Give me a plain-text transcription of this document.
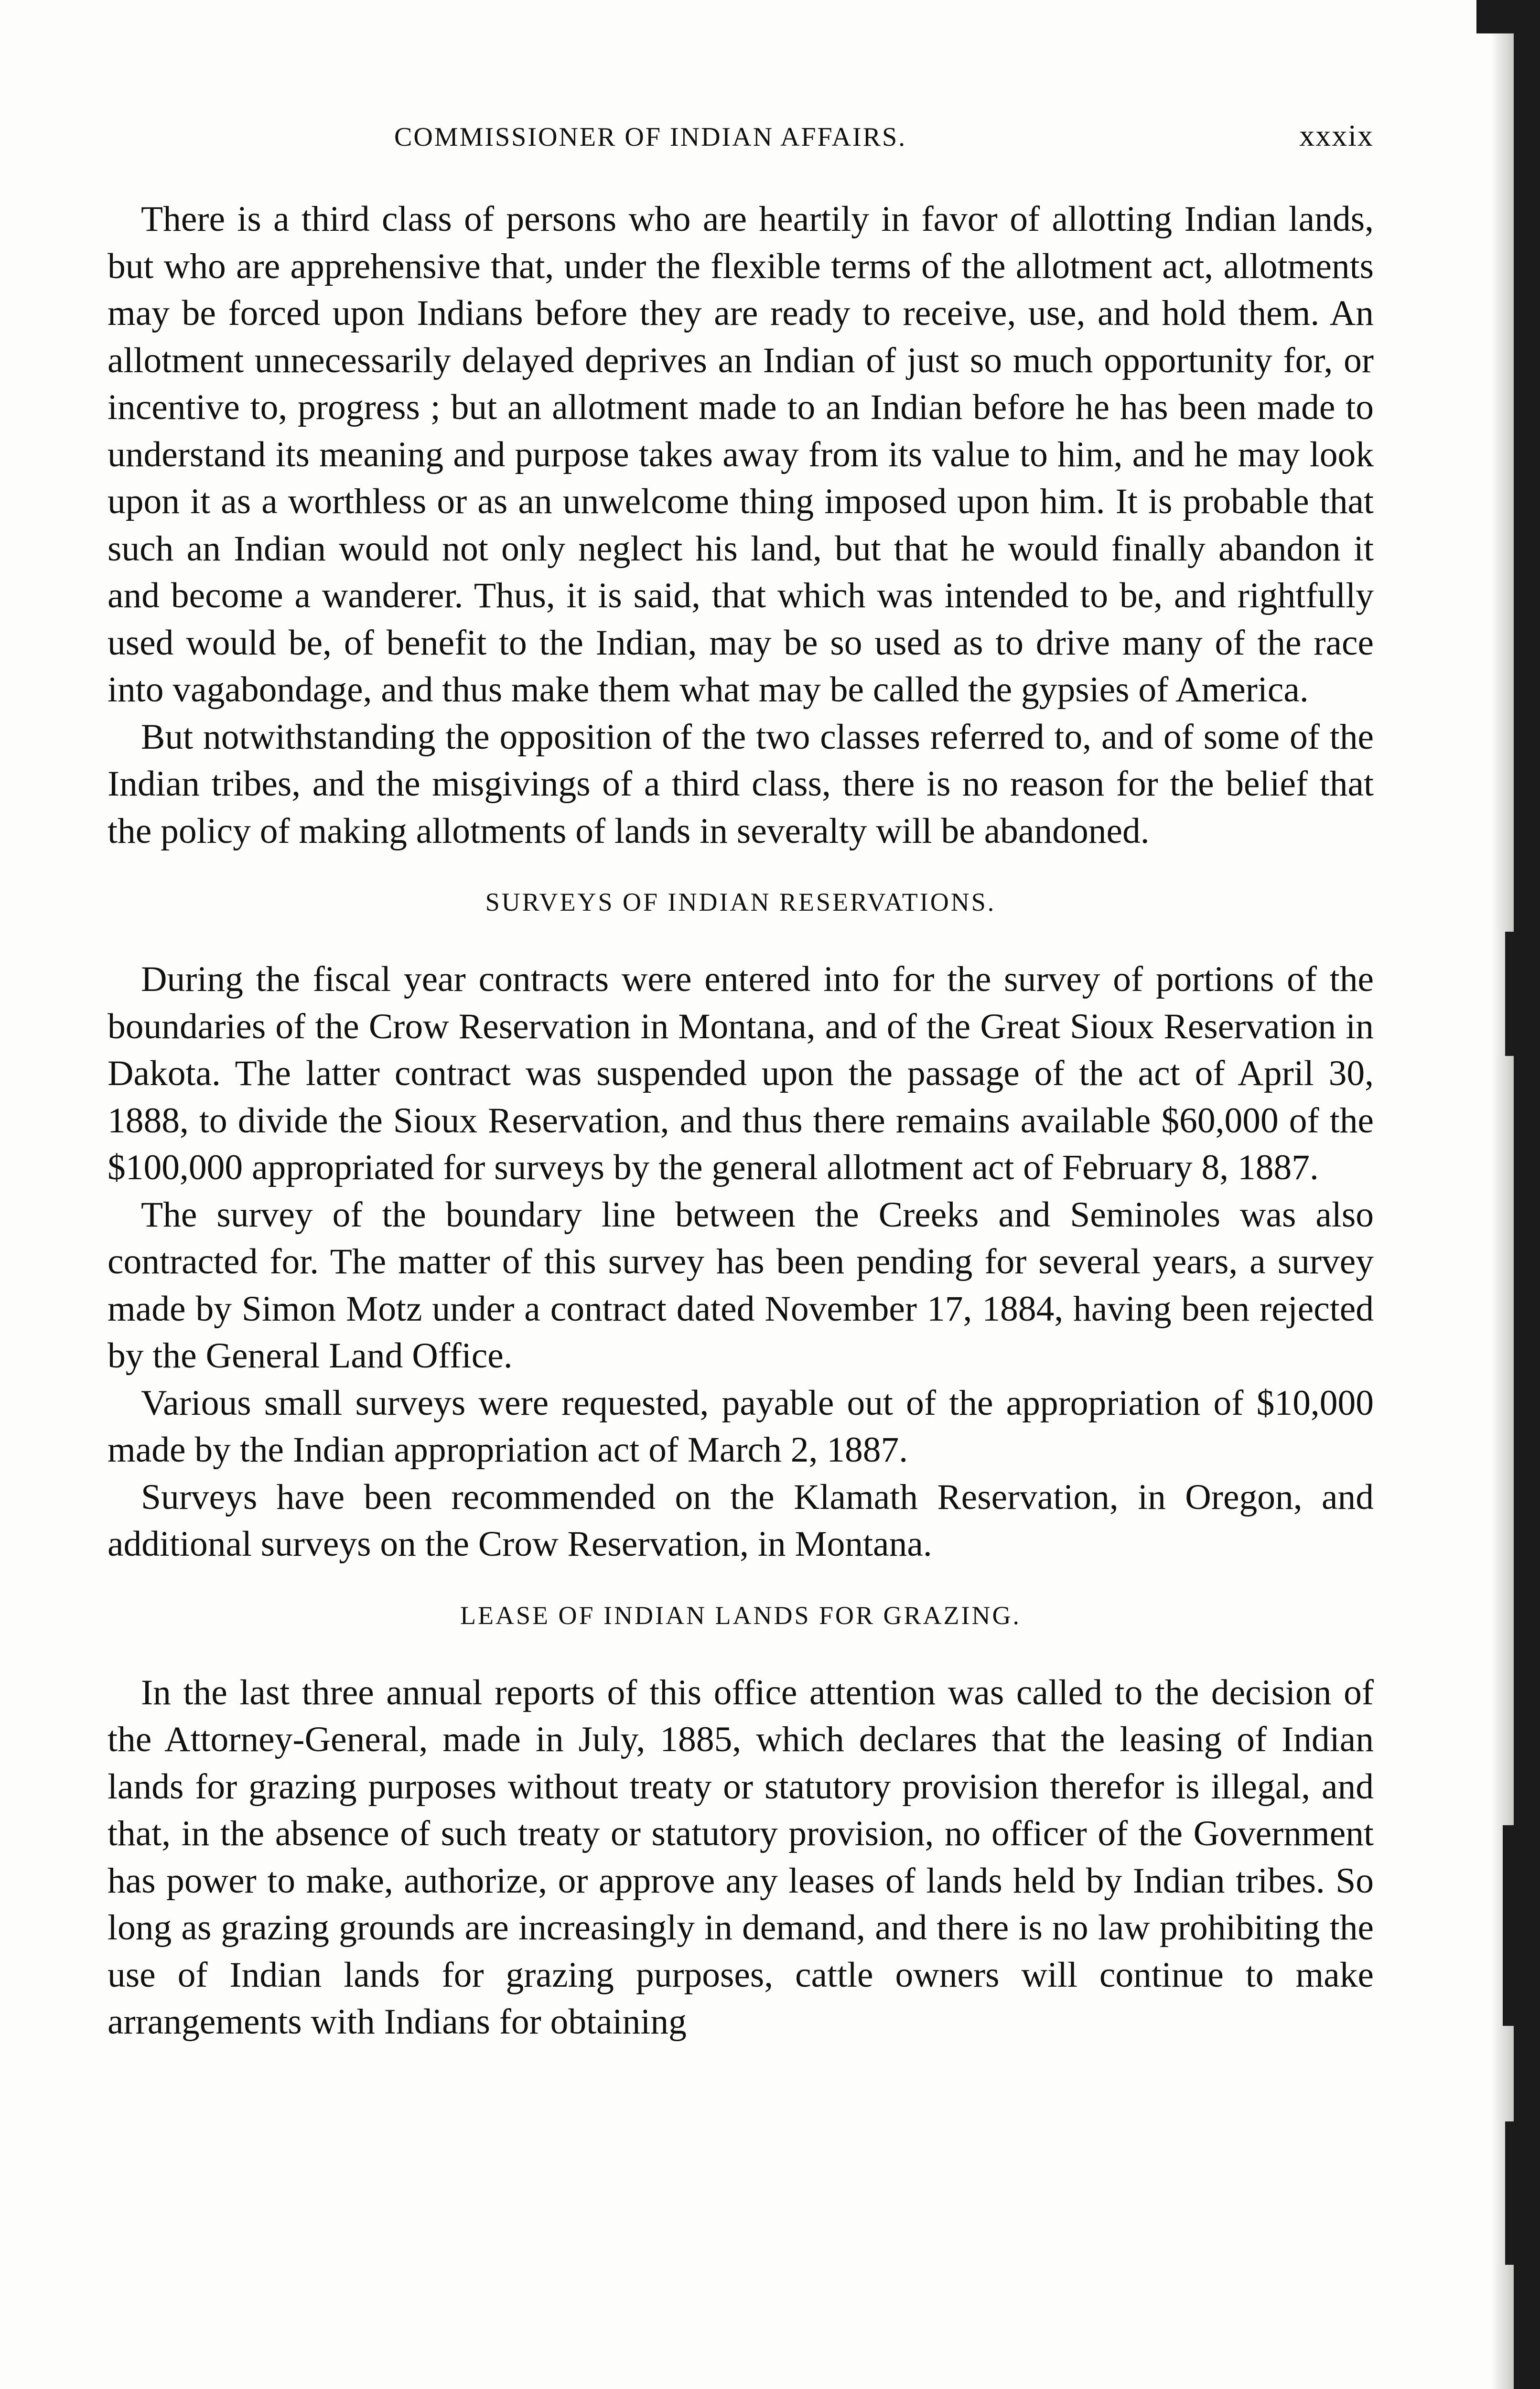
COMMISSIONER OF INDIAN AFFAIRS.	xxxix

There is a third class of persons who are heartily in favor of allotting Indian lands, but who are apprehensive that, under the flexible terms of the allotment act, allotments may be forced upon Indians before they are ready to receive, use, and hold them. An allotment unnecessarily delayed deprives an Indian of just so much opportunity for, or incentive to, progress ; but an allotment made to an Indian before he has been made to understand its meaning and purpose takes away from its value to him, and he may look upon it as a worthless or as an unwelcome thing imposed upon him. It is probable that such an Indian would not only neglect his land, but that he would finally abandon it and become a wanderer. Thus, it is said, that which was intended to be, and rightfully used would be, of benefit to the Indian, may be so used as to drive many of the race into vagabondage, and thus make them what may be called the gypsies of America.

But notwithstanding the opposition of the two classes referred to, and of some of the Indian tribes, and the misgivings of a third class, there is no reason for the belief that the policy of making allotments of lands in severalty will be abandoned.

SURVEYS OF INDIAN RESERVATIONS.

During the fiscal year contracts were entered into for the survey of portions of the boundaries of the Crow Reservation in Montana, and of the Great Sioux Reservation in Dakota. The latter contract was suspended upon the passage of the act of April 30, 1888, to divide the Sioux Reservation, and thus there remains available $60,000 of the $100,000 appropriated for surveys by the general allotment act of February 8, 1887.

The survey of the boundary line between the Creeks and Seminoles was also contracted for. The matter of this survey has been pending for several years, a survey made by Simon Motz under a contract dated November 17, 1884, having been rejected by the General Land Office.

Various small surveys were requested, payable out of the appropriation of $10,000 made by the Indian appropriation act of March 2, 1887.

Surveys have been recommended on the Klamath Reservation, in Oregon, and additional surveys on the Crow Reservation, in Montana.

LEASE OF INDIAN LANDS FOR GRAZING.

In the last three annual reports of this office attention was called to the decision of the Attorney-General, made in July, 1885, which declares that the leasing of Indian lands for grazing purposes without treaty or statutory provision therefor is illegal, and that, in the absence of such treaty or statutory provision, no officer of the Government has power to make, authorize, or approve any leases of lands held by Indian tribes. So long as grazing grounds are increasingly in demand, and there is no law prohibiting the use of Indian lands for grazing purposes, cattle owners will continue to make arrangements with Indians for obtaining
